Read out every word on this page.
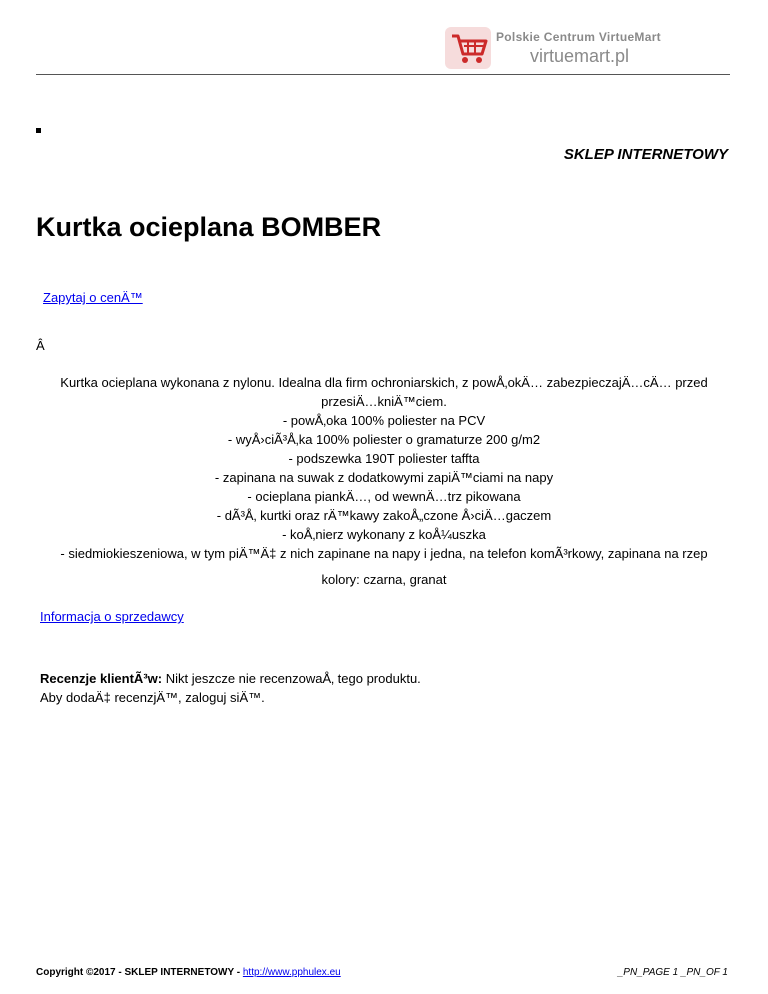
Polskie Centrum VirtueMart
virtuemart.pl
SKLEP INTERNETOWY
Kurtka ocieplana BOMBER
Zapytaj o cenÄ™
Â
Kurtka ocieplana wykonana z nylonu. Idealna dla firm ochroniarskich, z powÅ‚okÄ… zabezpieczajÄ…cÄ… przed przesiÄ…kniÄ™ciem.
- powÅ‚oka 100% poliester na PCV
- wyÅ›ciÃ³Å‚ka 100% poliester o gramaturze 200 g/m2
- podszewka 190T poliester taffta
- zapinana na suwak z dodatkowymi zapiÄ™ciami na napy
- ocieplana piankÄ…, od wewnÄ…trz pikowana
- dÃ³Å‚ kurtki oraz rÄ™kawy zakoÅ„czone Å›ciÄ…gaczem
- koÅ‚nierz wykonany z koÅ¼uszka
- siedmiokieszeniowa, w tym piÄ™Ä‡ z nich zapinane na napy i jedna, na telefon komÃ³rkowy, zapinana na rzep
kolory: czarna, granat
Informacja o sprzedawcy
Recenzje klientÃ³w: Nikt jeszcze nie recenzowaÅ‚ tego produktu.
Aby dodaÄ‡ recenzjÄ™, zaloguj siÄ™.
Copyright ©2017 - SKLEP INTERNETOWY - http://www.pphulex.eu	_PN_PAGE 1 _PN_OF 1
